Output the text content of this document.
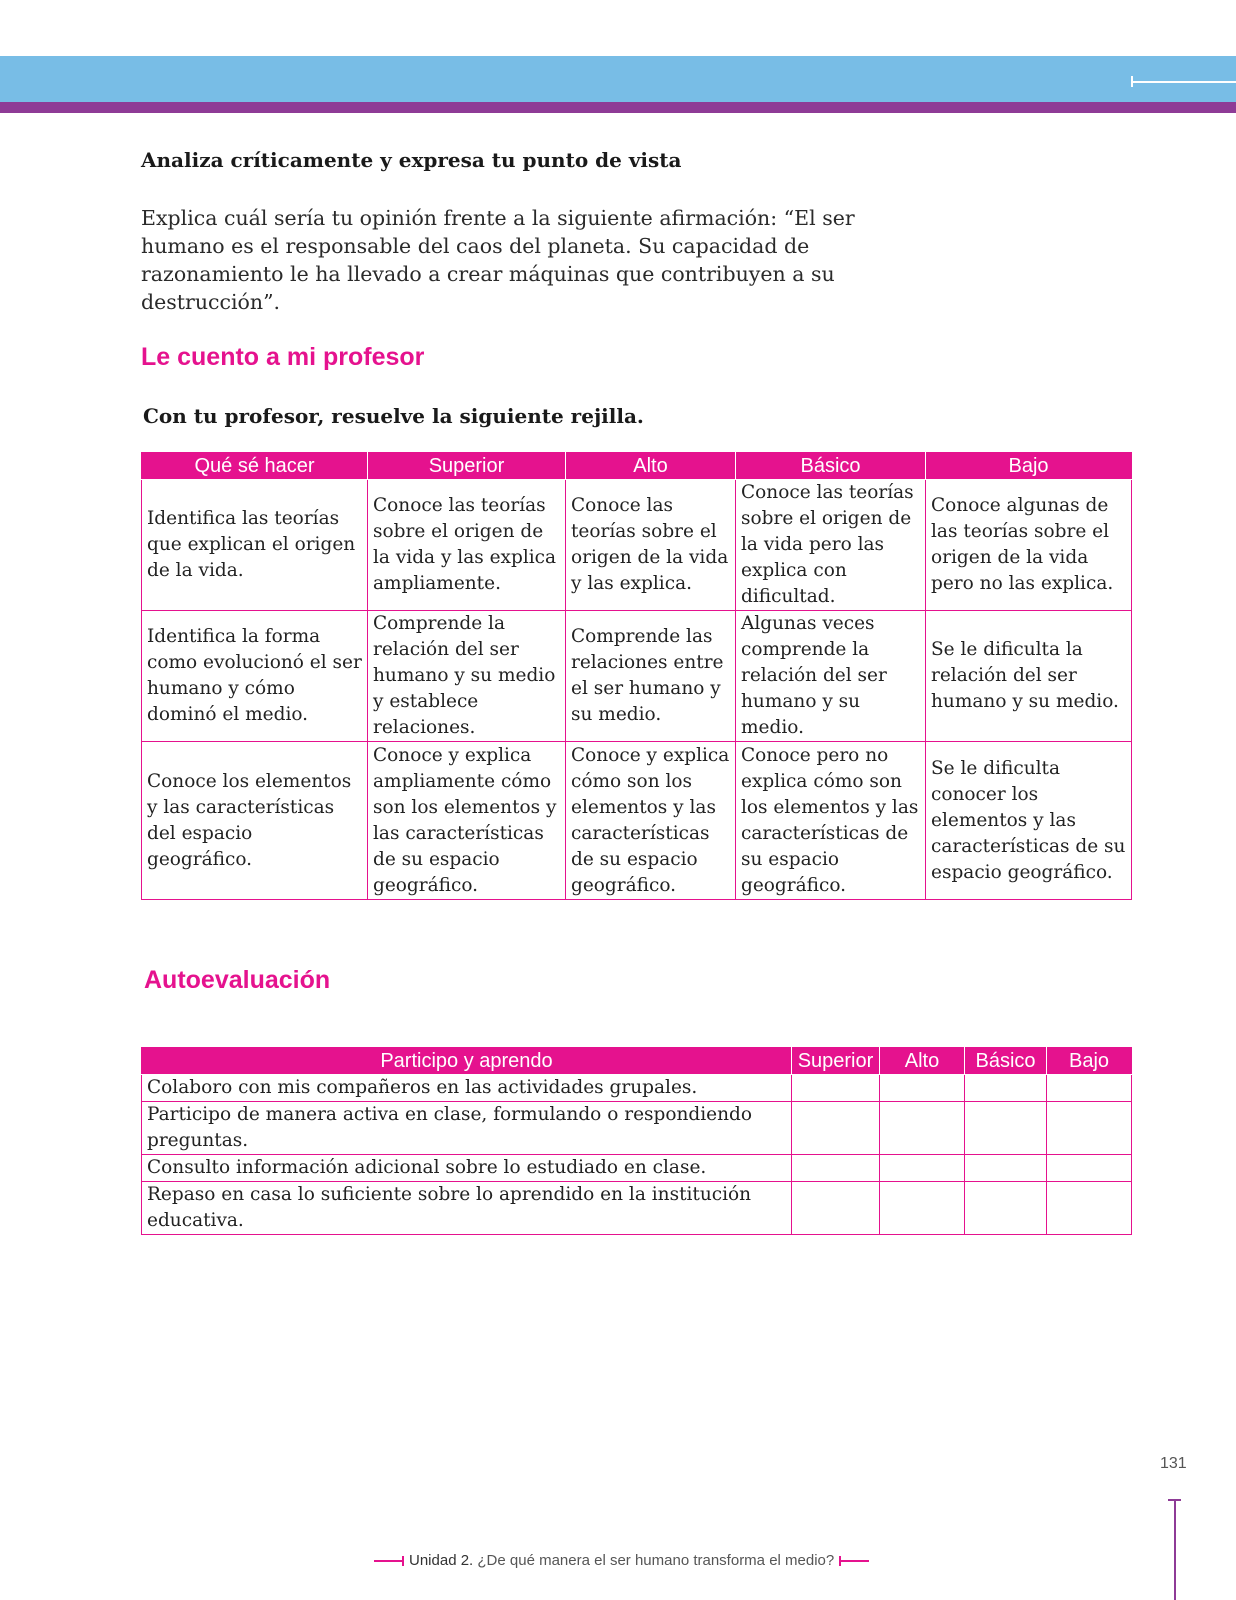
Analiza críticamente y expresa tu punto de vista

Explica cuál sería tu opinión frente a la siguiente afirmación: “El ser humano es el responsable del caos del planeta. Su capacidad de razonamiento le ha llevado a crear máquinas que contribuyen a su destrucción”.

Le cuento a mi profesor
Con tu profesor, resuelve la siguiente rejilla.
Qué sé hacer	Superior	Alto	Básico	Bajo
Identifica las teorías que explican el origen de la vida.	Conoce las teorías sobre el origen de la vida y las explica ampliamente.	Conoce las teorías sobre el origen de la vida y las explica.	Conoce las teorías sobre el origen de la vida pero las explica con dificultad.	Conoce algunas de las teorías sobre el origen de la vida pero no las explica.
Identifica la forma como evolucionó el ser humano y cómo dominó el medio.	Comprende la relación del ser humano y su medio y establece relaciones.	Comprende las relaciones entre el ser humano y su medio.	Algunas veces comprende la relación del ser humano y su medio.	Se le dificulta la relación del ser humano y su medio.
Conoce los elementos y las características del espacio geográfico.	Conoce y explica ampliamente cómo son los elementos y las características de su espacio geográfico.	Conoce y explica cómo son los elementos y las características de su espacio geográfico.	Conoce pero no explica cómo son los elementos y las características de su espacio geográfico.	Se le dificulta conocer los elementos y las características de su espacio geográfico.
Autoevaluación
Participo y aprendo	Superior	Alto	Básico	Bajo
Colaboro con mis compañeros en las actividades grupales.				
Participo de manera activa en clase, formulando o respondiendo preguntas.				
Consulto información adicional sobre lo estudiado en clase.				
Repaso en casa lo suficiente sobre lo aprendido en la institución educativa.				
131
Unidad 2. ¿De qué manera el ser humano transforma el medio?
